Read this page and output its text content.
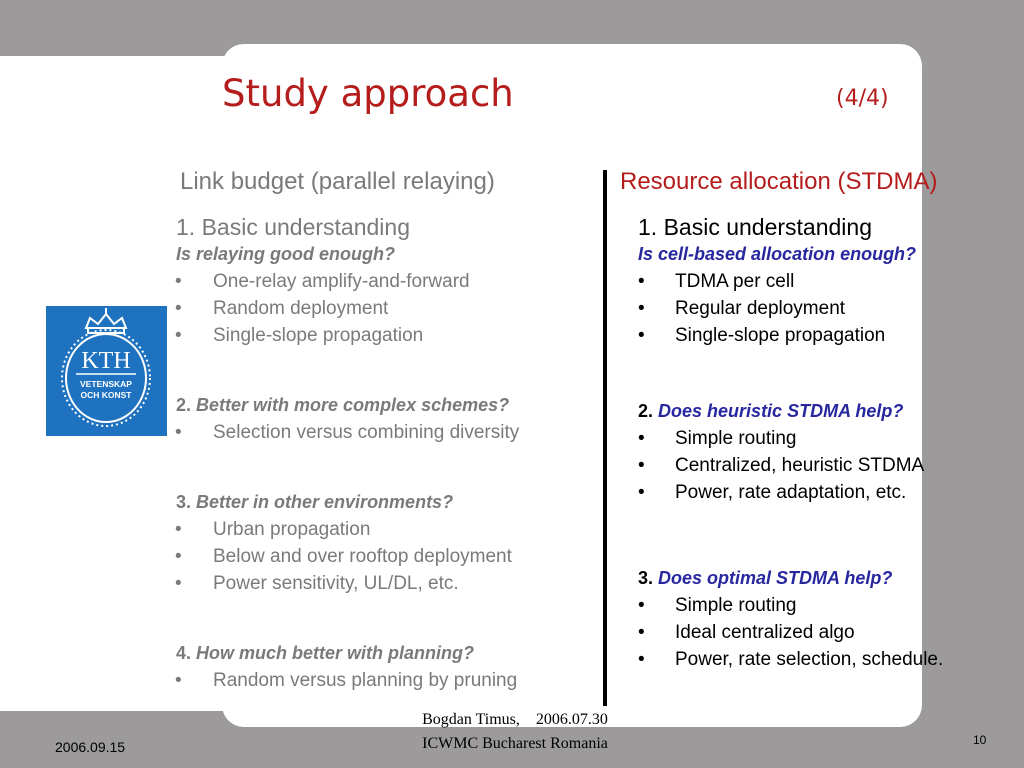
Study approach	(4/4)
KTH
VETENSKAP
OCH KONST
Link budget (parallel relaying)
1. Basic understanding
Is relaying good enough?
• One-relay amplify-and-forward
• Random deployment
• Single-slope propagation
2. Better with more complex schemes?
• Selection versus combining diversity
3. Better in other environments?
• Urban propagation
• Below and over rooftop deployment
• Power sensitivity, UL/DL, etc.
4. How much better with planning?
• Random versus planning by pruning
Resource allocation (STDMA)
1. Basic understanding
Is cell-based allocation enough?
• TDMA per cell
• Regular deployment
• Single-slope propagation
2. Does heuristic STDMA help?
• Simple routing
• Centralized, heuristic STDMA
• Power, rate adaptation, etc.
3. Does optimal STDMA help?
• Simple routing
• Ideal centralized algo
• Power, rate selection, schedule.
Bogdan Timus,    2006.07.30
ICWMC Bucharest Romania
2006.09.15	10
